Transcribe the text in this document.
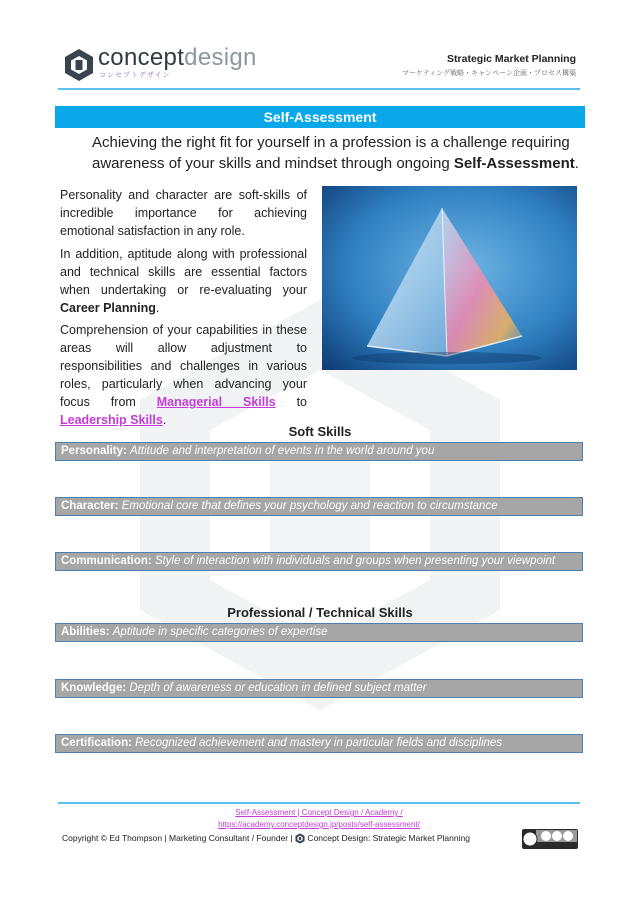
conceptdesign
コンセプトデザイン
Strategic Market Planning
マーケティング戦略・キャンペーン企画・プロセス構築
Self-Assessment
Achieving the right fit for yourself in a profession is a challenge requiring awareness of your skills and mindset through ongoing Self-Assessment.

Personality and character are soft-skills of incredible importance for achieving emotional satisfaction in any role.

In addition, aptitude along with professional and technical skills are essential factors when undertaking or re-evaluating your Career Planning.

Comprehension of your capabilities in these areas will allow adjustment to responsibilities and challenges in various roles, particularly when advancing your focus from Managerial Skills to Leadership Skills.

Soft Skills
Personality: Attitude and interpretation of events in the world around you
Character: Emotional core that defines your psychology and reaction to circumstance
Communication: Style of interaction with individuals and groups when presenting your viewpoint
Professional / Technical Skills
Abilities: Aptitude in specific categories of expertise
Knowledge: Depth of awareness or education in defined subject matter
Certification: Recognized achievement and mastery in particular fields and disciplines
Self-Assessment | Concept Design / Academy /
https://academy.conceptdesign.jp/posts/self-assessment/
Copyright © Ed Thompson | Marketing Consultant / Founder |  Concept Design: Strategic Market Planning
